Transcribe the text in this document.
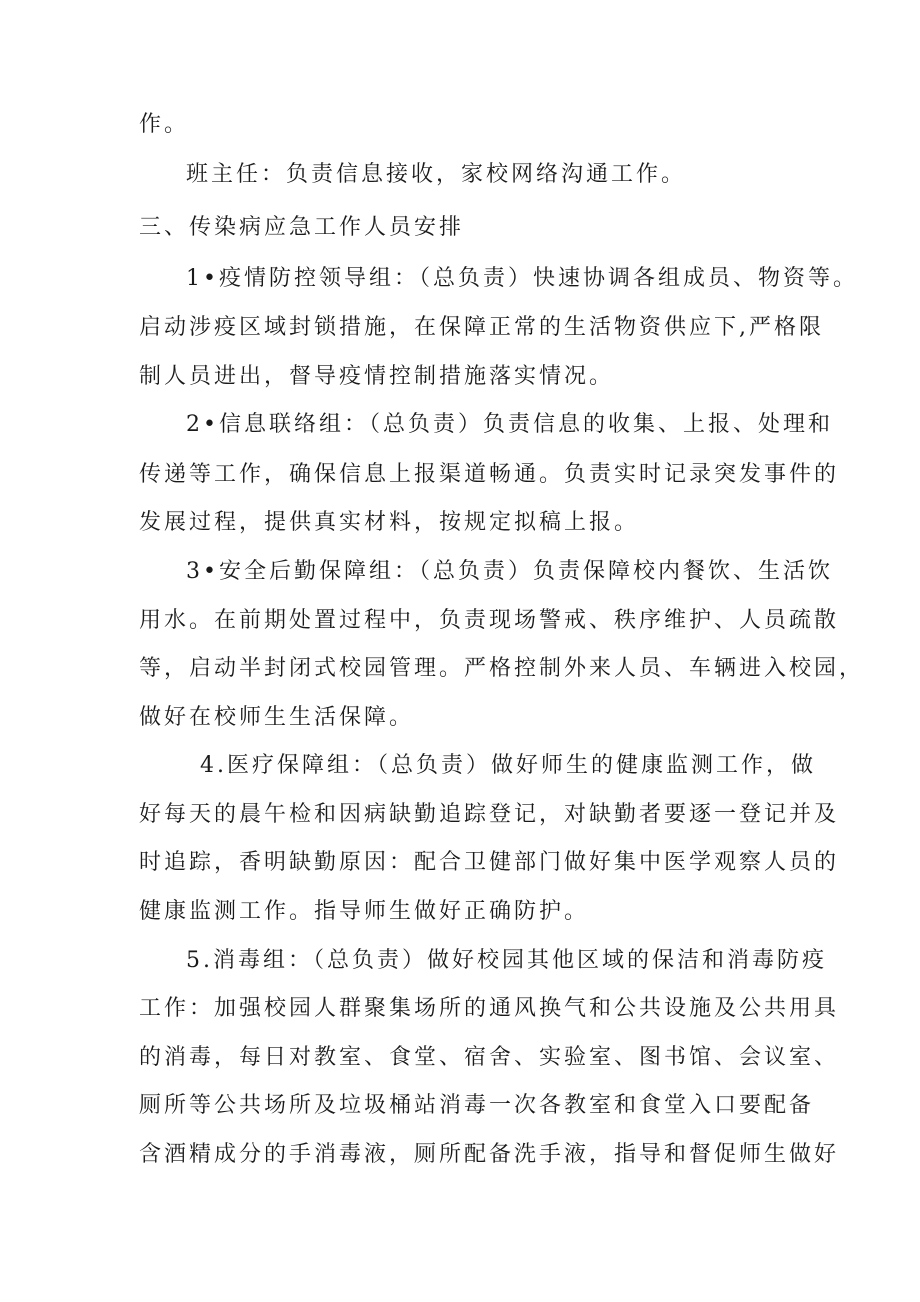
作。
班主任：负责信息接收，家校网络沟通工作。
三、传染病应急工作人员安排
1•疫情防控领导组：（总负责）快速协调各组成员、物资等。
启动涉疫区域封锁措施，在保障正常的生活物资供应下,严格限
制人员进出，督导疫情控制措施落实情况。
2•信息联络组：（总负责）负责信息的收集、上报、处理和
传递等工作，确保信息上报渠道畅通。负责实时记录突发事件的
发展过程，提供真实材料，按规定拟稿上报。
3•安全后勤保障组：（总负责）负责保障校内餐饮、生活饮
用水。在前期处置过程中，负责现场警戒、秩序维护、人员疏散
等，启动半封闭式校园管理。严格控制外来人员、车辆进入校园，
做好在校师生生活保障。
4.医疗保障组：（总负责）做好师生的健康监测工作，做
好每天的晨午检和因病缺勤追踪登记，对缺勤者要逐一登记并及
时追踪，香明缺勤原因：配合卫健部门做好集中医学观察人员的
健康监测工作。指导师生做好正确防护。
5.消毒组：（总负责）做好校园其他区域的保洁和消毒防疫
工作：加强校园人群聚集场所的通风换气和公共设施及公共用具
的消毒，每日对教室、食堂、宿舍、实验室、图书馆、会议室、
厕所等公共场所及垃圾桶站消毒一次各教室和食堂入口要配备
含酒精成分的手消毒液，厕所配备洗手液，指导和督促师生做好
